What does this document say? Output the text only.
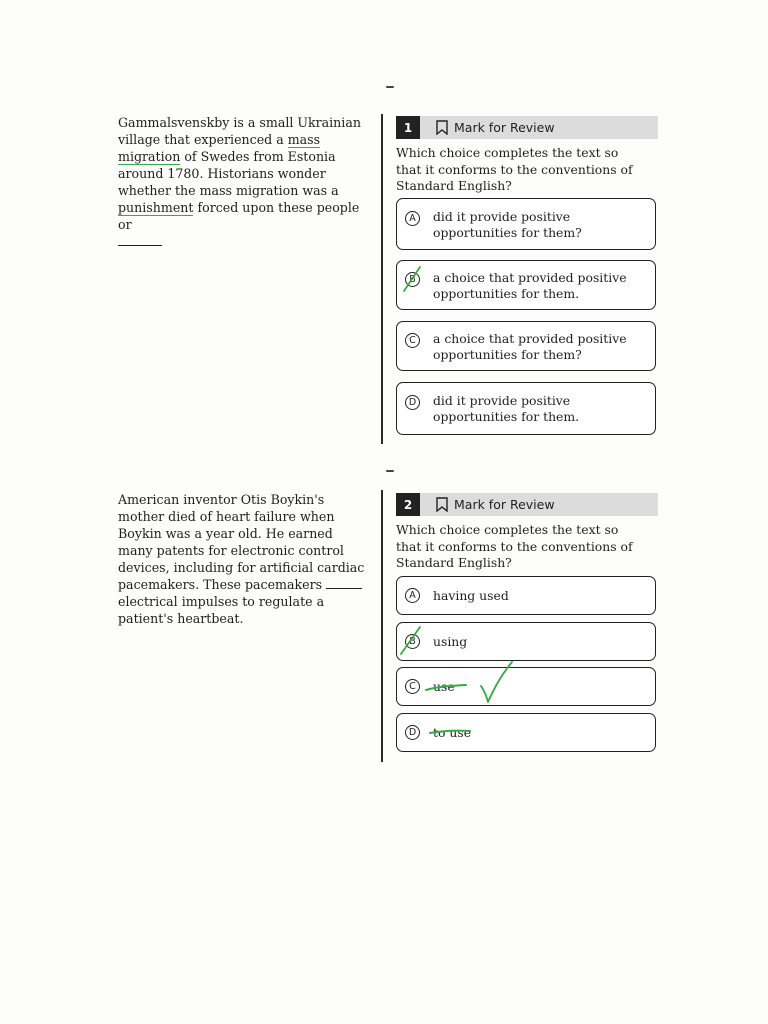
Gammalsvenskby is a small Ukrainian village that experienced a mass migration of Swedes from Estonia around 1780. Historians wonder whether the mass migration was a punishment forced upon these people or

1	Mark for Review
Which choice completes the text so that it conforms to the conventions of Standard English?
A	did it provide positive opportunities for them?
B	a choice that provided positive opportunities for them.
C	a choice that provided positive opportunities for them?
D	did it provide positive opportunities for them.
American inventor Otis Boykin's mother died of heart failure when Boykin was a year old. He earned many patents for electronic control devices, including for artificial cardiac pacemakers. These pacemakers  electrical impulses to regulate a patient's heartbeat.
2	Mark for Review
Which choice completes the text so that it conforms to the conventions of Standard English?
A	having used
B	using
C	use
D	to use
